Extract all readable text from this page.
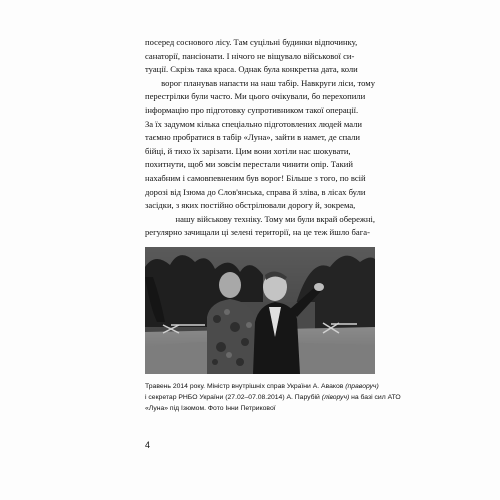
посеред соснового лісу. Там суцільні будинки відпочинку,
санаторії, пансіонати. І нічого не віщувало військової си-
туації. Скрізь така краса. Однак була конкретна дата, коли
ворог планував напасти на наш табір. Навкруги ліси, тому
перестрілки були часто. Ми цього очікували, бо перехопили
інформацію про підготовку супротивником такої операції.
За їх задумом кілька спеціально підготовлених людей мали
таємно пробратися в табір «Луна», зайти в намет, де спали
бійці, й тихо їх зарізати. Цим вони хотіли нас шокувати,
похитнути, щоб ми зовсім перестали чинити опір. Такий
нахабним і самовпевненим був ворог! Більше з того, по всій
дорозі від Ізюма до Слов'янська, справа й зліва, в лісах були
засідки, з яких постійно обстрілювали дорогу й, зокрема,
нашу військову техніку. Тому ми були вкрай обережні,
регулярно зачищали ці зелені території, на це теж йшло бага-
Травень 2014 року. Міністр внутрішніх справ України А. Аваков (праворуч)
і секретар РНБО України (27.02–07.08.2014) А. Парубій (ліворуч) на базі сил АТО
«Луна» під Ізюмом. Фото Інни Петрикової
4
